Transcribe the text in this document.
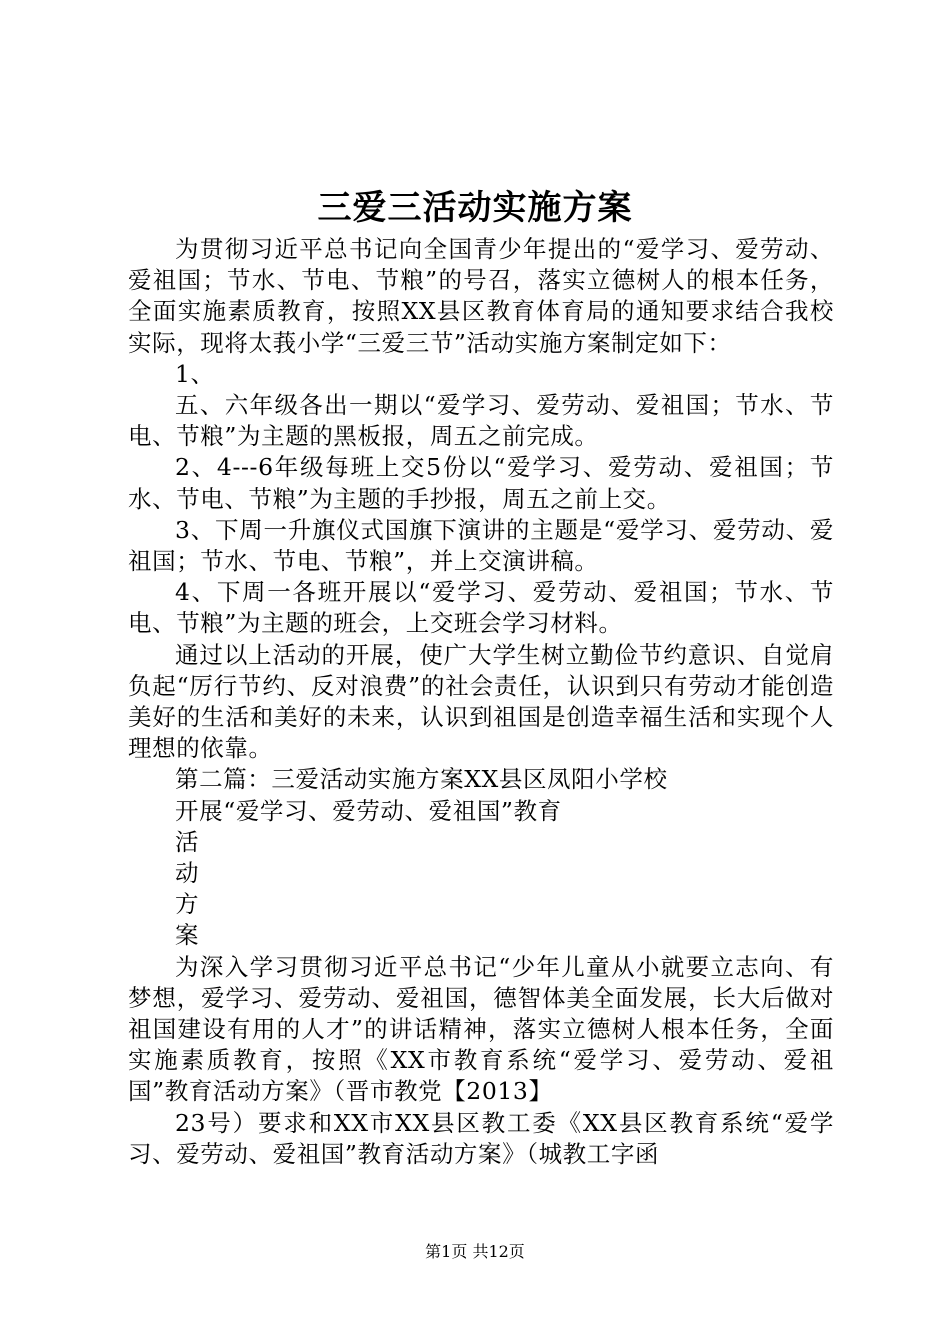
三爱三活动实施方案

为贯彻习近平总书记向全国青少年提出的“爱学习、爱劳动、爱祖国；节水、节电、节粮”的号召，落实立德树人的根本任务，全面实施素质教育，按照XX县区教育体育局的通知要求结合我校实际，现将太莪小学“三爱三节”活动实施方案制定如下：

1、

五、六年级各出一期以“爱学习、爱劳动、爱祖国；节水、节电、节粮”为主题的黑板报，周五之前完成。

2、4---6年级每班上交5份以“爱学习、爱劳动、爱祖国；节水、节电、节粮”为主题的手抄报，周五之前上交。

3、下周一升旗仪式国旗下演讲的主题是“爱学习、爱劳动、爱祖国；节水、节电、节粮”，并上交演讲稿。

4、下周一各班开展以“爱学习、爱劳动、爱祖国；节水、节电、节粮”为主题的班会，上交班会学习材料。

通过以上活动的开展，使广大学生树立勤俭节约意识、自觉肩负起“厉行节约、反对浪费”的社会责任，认识到只有劳动才能创造美好的生活和美好的未来，认识到祖国是创造幸福生活和实现个人理想的依靠。

第二篇：三爱活动实施方案XX县区凤阳小学校

开展“爱学习、爱劳动、爱祖国”教育

活

动

方

案

为深入学习贯彻习近平总书记“少年儿童从小就要立志向、有梦想，爱学习、爱劳动、爱祖国，德智体美全面发展，长大后做对祖国建设有用的人才”的讲话精神，落实立德树人根本任务，全面实施素质教育，按照《XX市教育系统“爱学习、爱劳动、爱祖国”教育活动方案》（晋市教党【2013】

23号）要求和XX市XX县区教工委《XX县区教育系统“爱学习、爱劳动、爱祖国”教育活动方案》（城教工字函

第1页 共12页
